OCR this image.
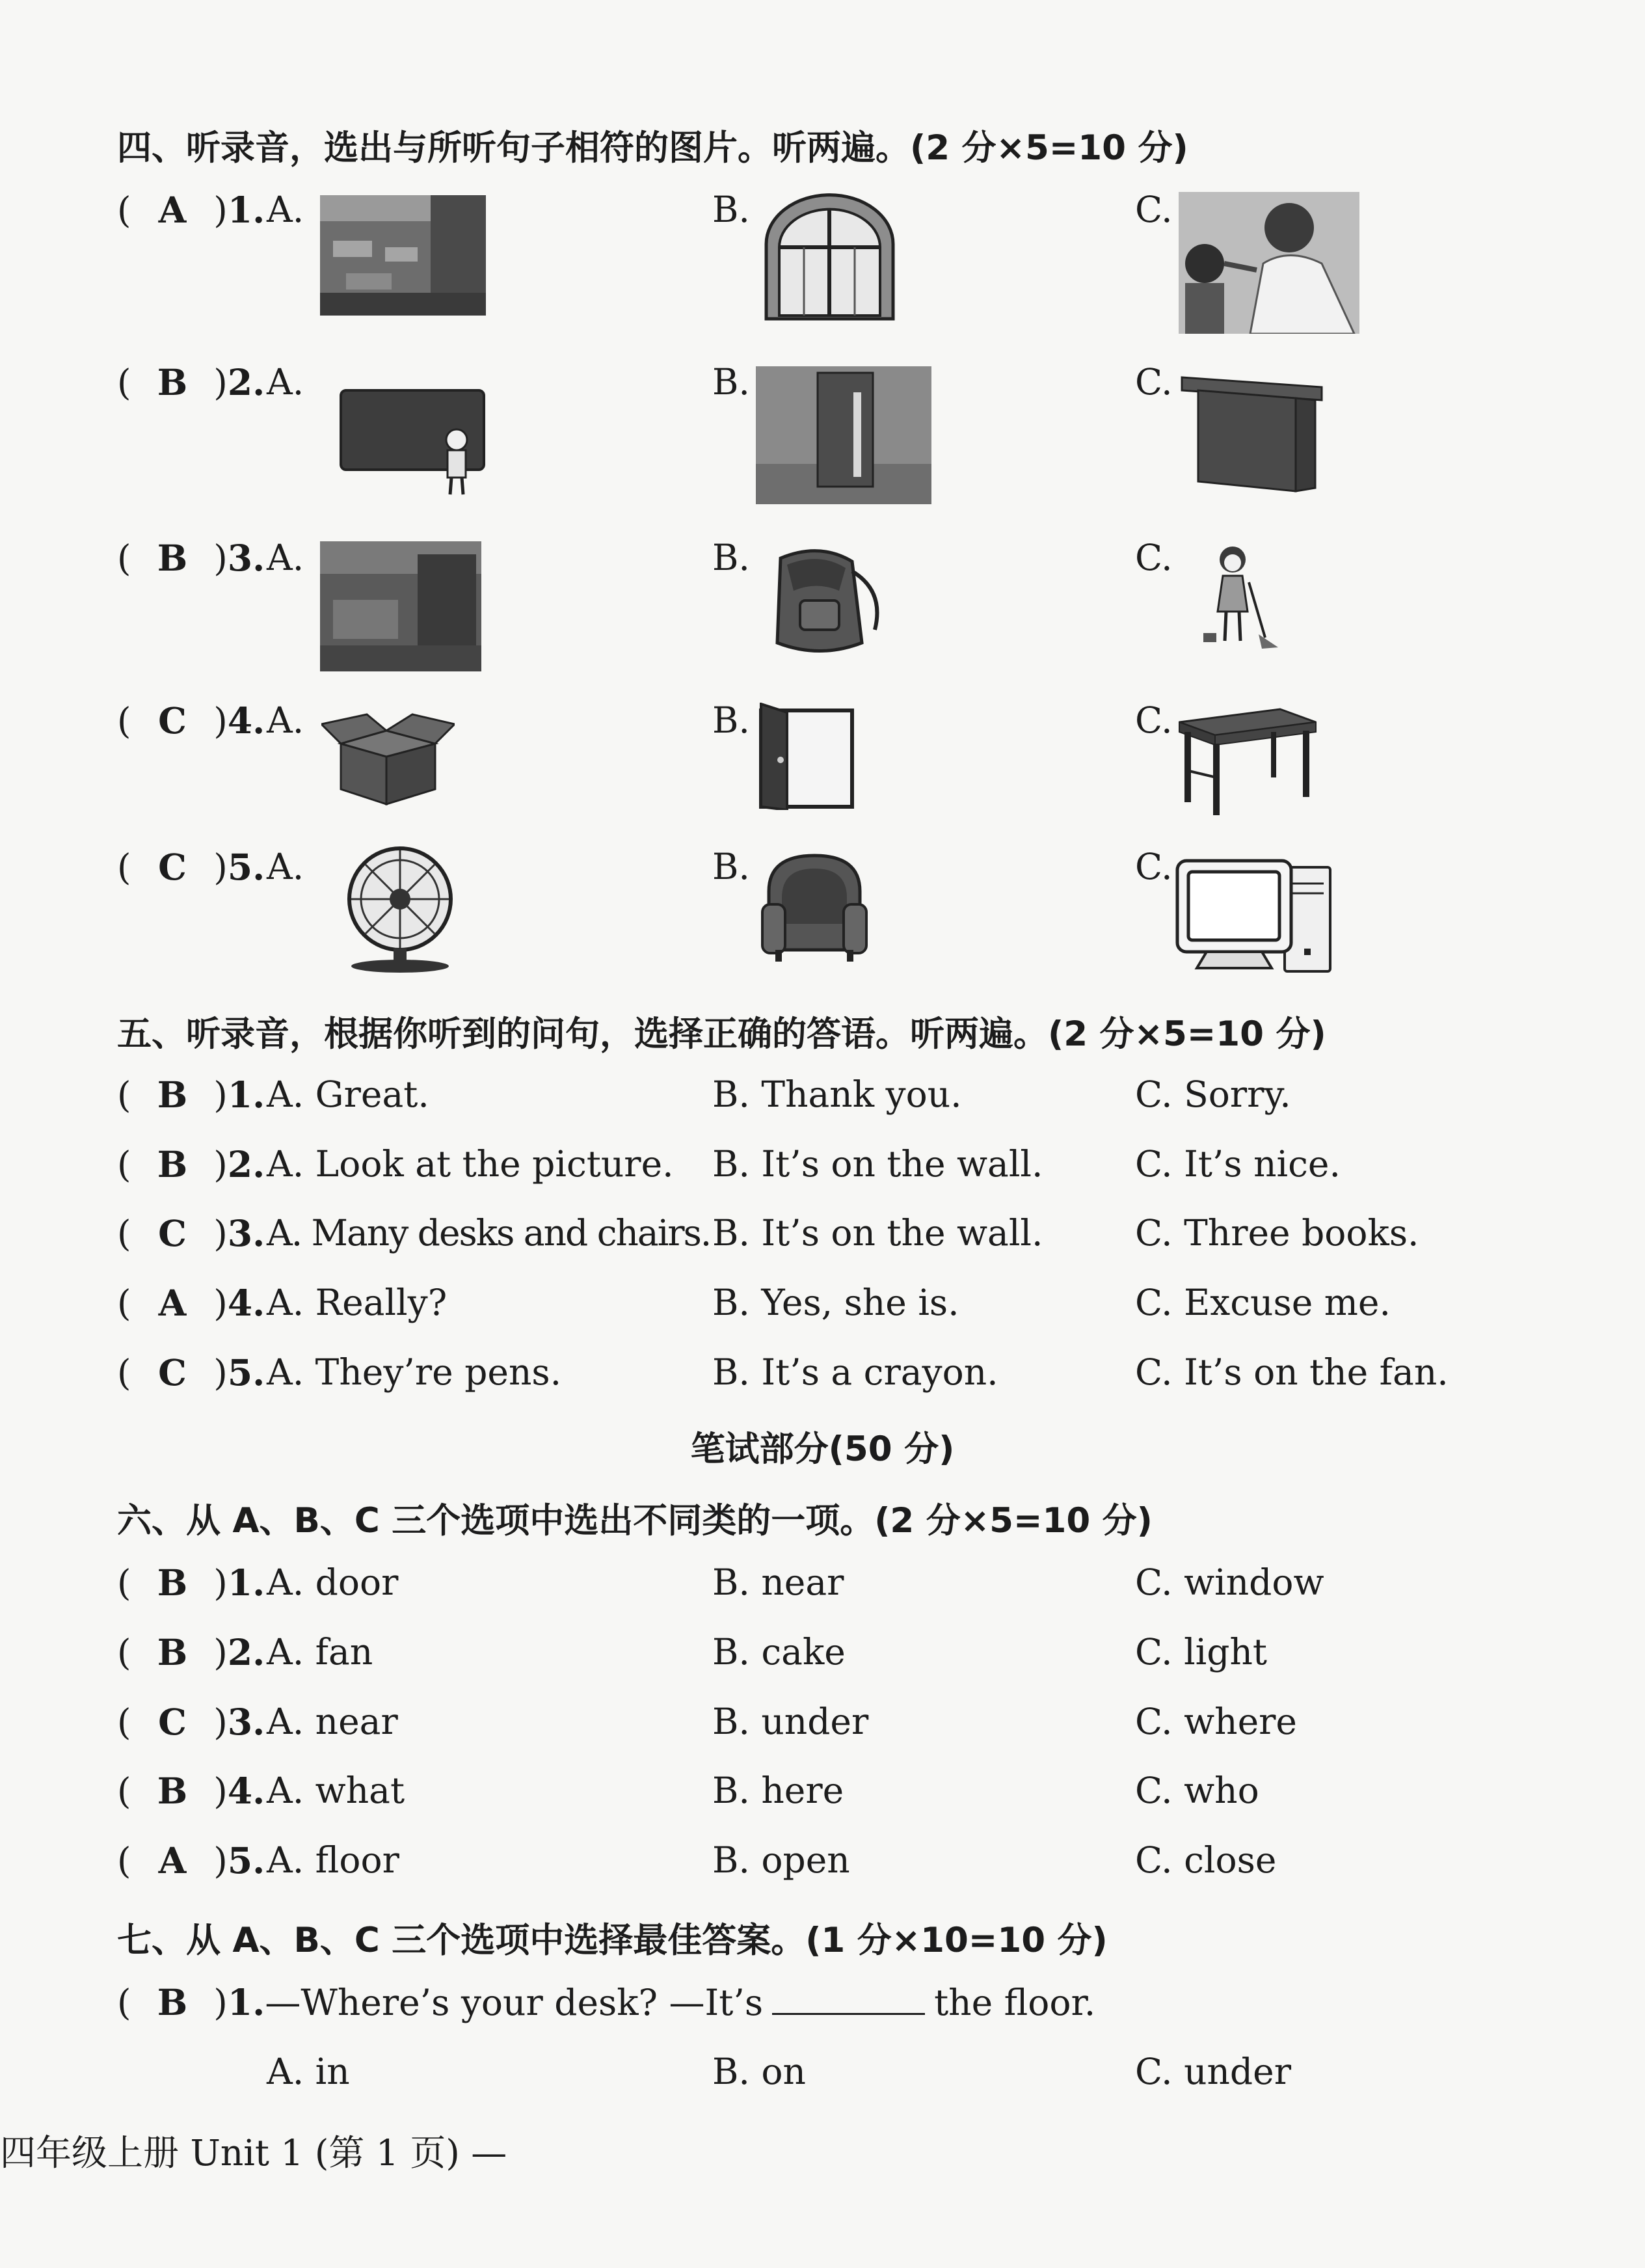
四、听录音，选出与所听句子相符的图片。听两遍。(2 分×5=10 分)
( A )1. A.	B.	C.
( B )2. A.	B.	C.
( B )3. A.	B.	C.
( C )4. A.	B.	C.
( C )5. A.	B.	C.
五、听录音，根据你听到的问句，选择正确的答语。听两遍。(2 分×5=10 分)
( B )1. A. Great.	B. Thank you.	C. Sorry.
( B )2. A. Look at the picture. B. It’s on the wall.	C. It’s nice.
( C )3. A. Many desks and chairs. B. It’s on the wall.	C. Three books.
( A )4. A. Really?	B. Yes, she is.	C. Excuse me.
( C )5. A. They’re pens.	B. It’s a crayon.	C. It’s on the fan.
笔试部分(50 分)
六、从 A、B、C 三个选项中选出不同类的一项。(2 分×5=10 分)
( B )1. A. door	B. near	C. window
( B )2. A. fan	B. cake	C. light
( C )3. A. near	B. under	C. where
( B )4. A. what	B. here	C. who
( A )5. A. floor	B. open	C. close
七、从 A、B、C 三个选项中选择最佳答案。(1 分×10=10 分)
( B )1.—Where’s your desk? —It’s	the floor.
A. in	B. on	C. under
四年级上册 Unit 1 (第 1 页) —
